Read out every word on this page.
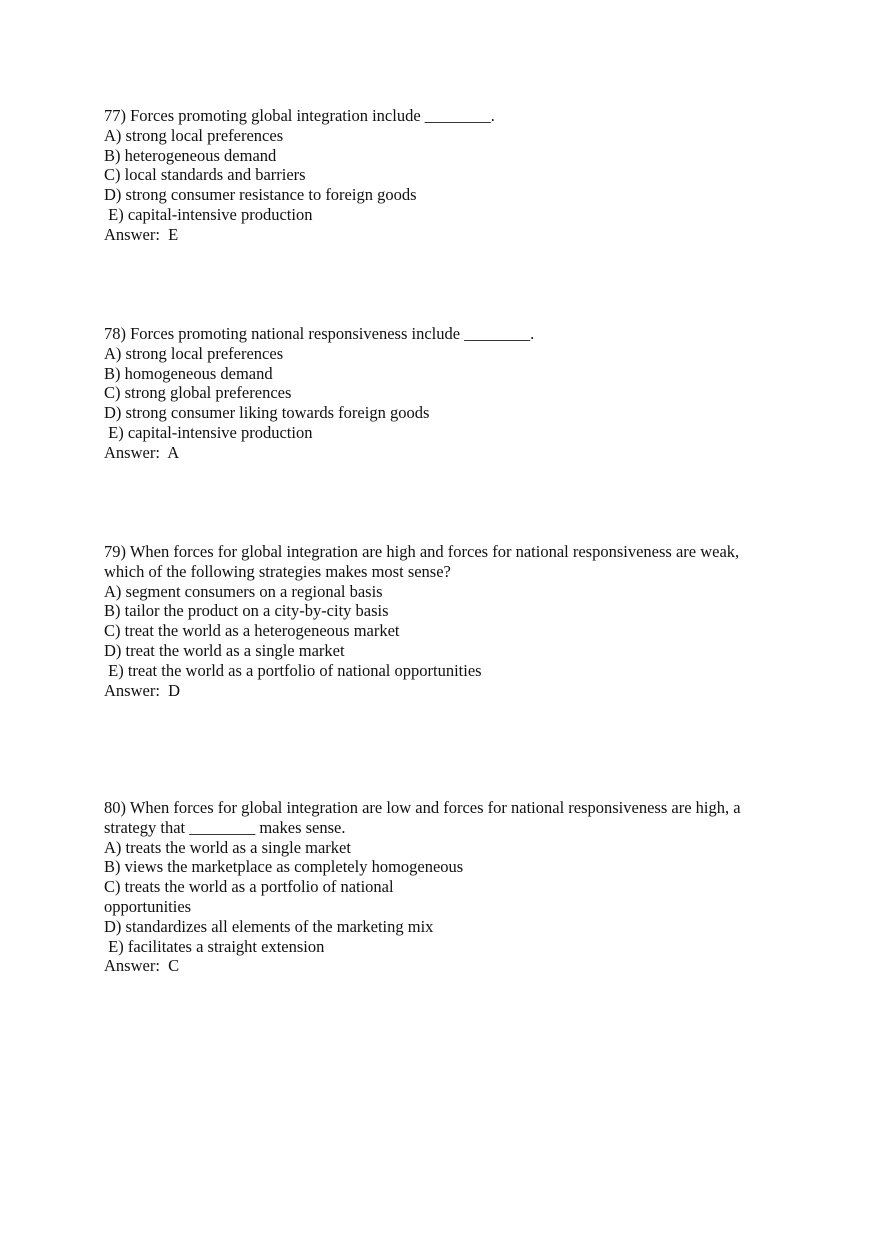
77) Forces promoting global integration include ________.

A) strong local preferences

B) heterogeneous demand

C) local standards and barriers

D) strong consumer resistance to foreign goods

E) capital-intensive production

Answer:  E

78) Forces promoting national responsiveness include ________.

A) strong local preferences

B) homogeneous demand

C) strong global preferences

D) strong consumer liking towards foreign goods

E) capital-intensive production

Answer:  A

79) When forces for global integration are high and forces for national responsiveness are weak,

which of the following strategies makes most sense?

A) segment consumers on a regional basis

B) tailor the product on a city-by-city basis

C) treat the world as a heterogeneous market

D) treat the world as a single market

E) treat the world as a portfolio of national opportunities

Answer:  D

80) When forces for global integration are low and forces for national responsiveness are high, a

strategy that ________ makes sense.

A) treats the world as a single market

B) views the marketplace as completely homogeneous

C) treats the world as a portfolio of national

opportunities

D) standardizes all elements of the marketing mix

E) facilitates a straight extension

Answer:  C
